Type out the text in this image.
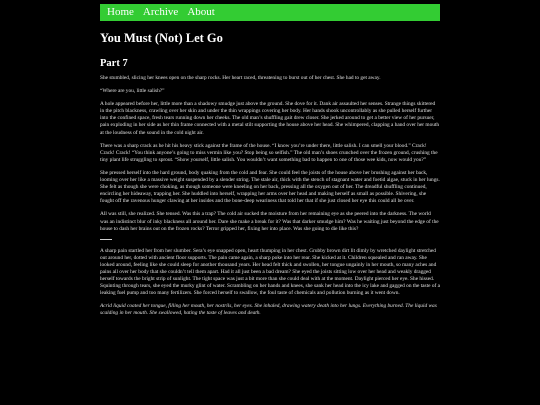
Home Archive About
You Must (Not) Let Go
Part 7

She stumbled, slicing her knees open on the sharp rocks. Her heart raced, threatening to burst out of her chest. She had to get away.

“Where are you, little salish?”

A hole appeared before her, little more than a shadowy smudge just above the ground. She dove for it. Dank air assaulted her senses. Strange things skittered in the pitch blackness, crawling over her skin and under the thin wrappings covering her body. Her hands shook uncontrollably as she pulled herself further into the confined space, fresh tears running down her cheeks. The old man’s shuffling gait drew closer. She jerked around to get a better view of her pursuer, pain exploding in her side as her thin frame connected with a metal stilt supporting the house above her head. She whimpered, clapping a hand over her mouth at the loudness of the sound in the cold night air.

There was a sharp crack as he hit his heavy stick against the frame of the house. “I know you’re under there, little salish. I can smell your blood.” Crack! Crack! Crack! “You think anyone’s going to miss vermin like you? Stop being so selfish.” The old man’s shoes crunched over the frozen ground, crushing the tiny plant life struggling to sprout. “Show yourself, little salish. You wouldn’t want something bad to happen to one of those wee kids, now would you?”

She pressed herself into the hard ground, body quaking from the cold and fear. She could feel the joists of the house above her brushing against her back, looming over her like a massive weight suspended by a slender string. The stale air, thick with the stench of stagnant water and foetid algae, stuck in her lungs. She felt as though she were choking, as though someone were kneeling on her back, pressing all the oxygen out of her. The dreadful shuffling continued, encircling her hideaway, trapping her. She huddled into herself, wrapping her arms over her head and making herself as small as possible. Shivering, she fought off the ravenous hunger clawing at her insides and the bone-deep weariness that told her that if she just closed her eye this could all be over.

All was still, she realized. She tensed. Was this a trap? The cold air sucked the moisture from her remaining eye as she peered into the darkness. The world was an indistinct blur of inky blackness all around her. Dare she make a break for it? Was that darker smudge him? Was he waiting just beyond the edge of the house to dash her brains out on the frozen rocks? Terror gripped her, fixing her into place. Was she going to die like this?

A sharp pain startled her from her slumber. Sera’s eye snapped open, heart thumping in her chest. Grubby brown dirt lit dimly by wretched daylight stretched out around her, dotted with ancient floor supports. The pain came again, a sharp poke into her rear. She kicked at it. Children squealed and ran away. She looked around, feeling like she could sleep for another thousand years. Her head felt thick and swollen, her tongue ungainly in her mouth, so many aches and pains all over her body that she couldn’t tell them apart. Had it all just been a bad dream? She eyed the joists sitting low over her head and weakly dragged herself towards the bright strip of sunlight. The tight space was just a bit more than she could deal with at the moment. Daylight pierced her eye. She hissed. Squinting through tears, she eyed the murky glint of water. Scrambling on her hands and knees, she sank her head into the icy lake and gagged on the taste of a leaking fuel pump and too many fertilizers. She forced herself to swallow, the foul taste of chemicals and pollution burning as it went down.

Acrid liquid coated her tongue, filling her mouth, her nostrils, her eyes. She inhaled, drawing watery death into her lungs. Everything burned. The liquid was scalding in her mouth. She swallowed, hating the taste of leaves and death.
